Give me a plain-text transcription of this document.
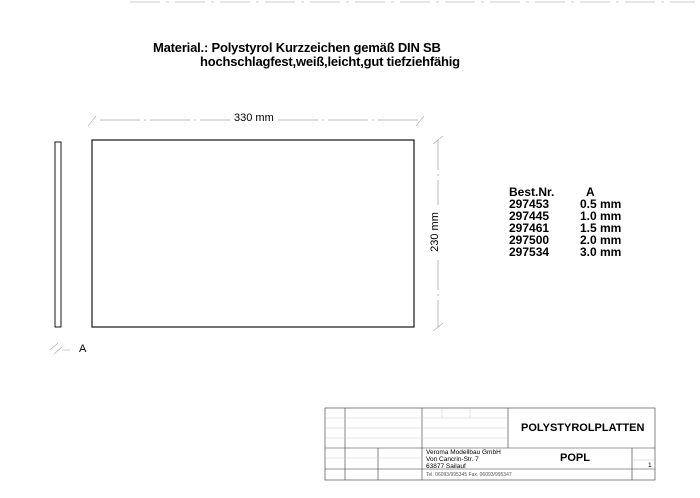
Material.: Polystyrol Kurzzeichen gemäß DIN SB
hochschlagfest,weiß,leicht,gut tiefziehfähig
330 mm
230 mm
A
Best.Nr.	A
297453	0.5 mm
297445	1.0 mm
297461	1.5 mm
297500	2.0 mm
297534	3.0 mm
POLYSTYROLPLATTEN
Veroma Modellbau GmbH
Von Cancrin-Str. 7
63877 Sailauf
Tel. 06093/995345 Fax. 06093/995347
POPL
1
